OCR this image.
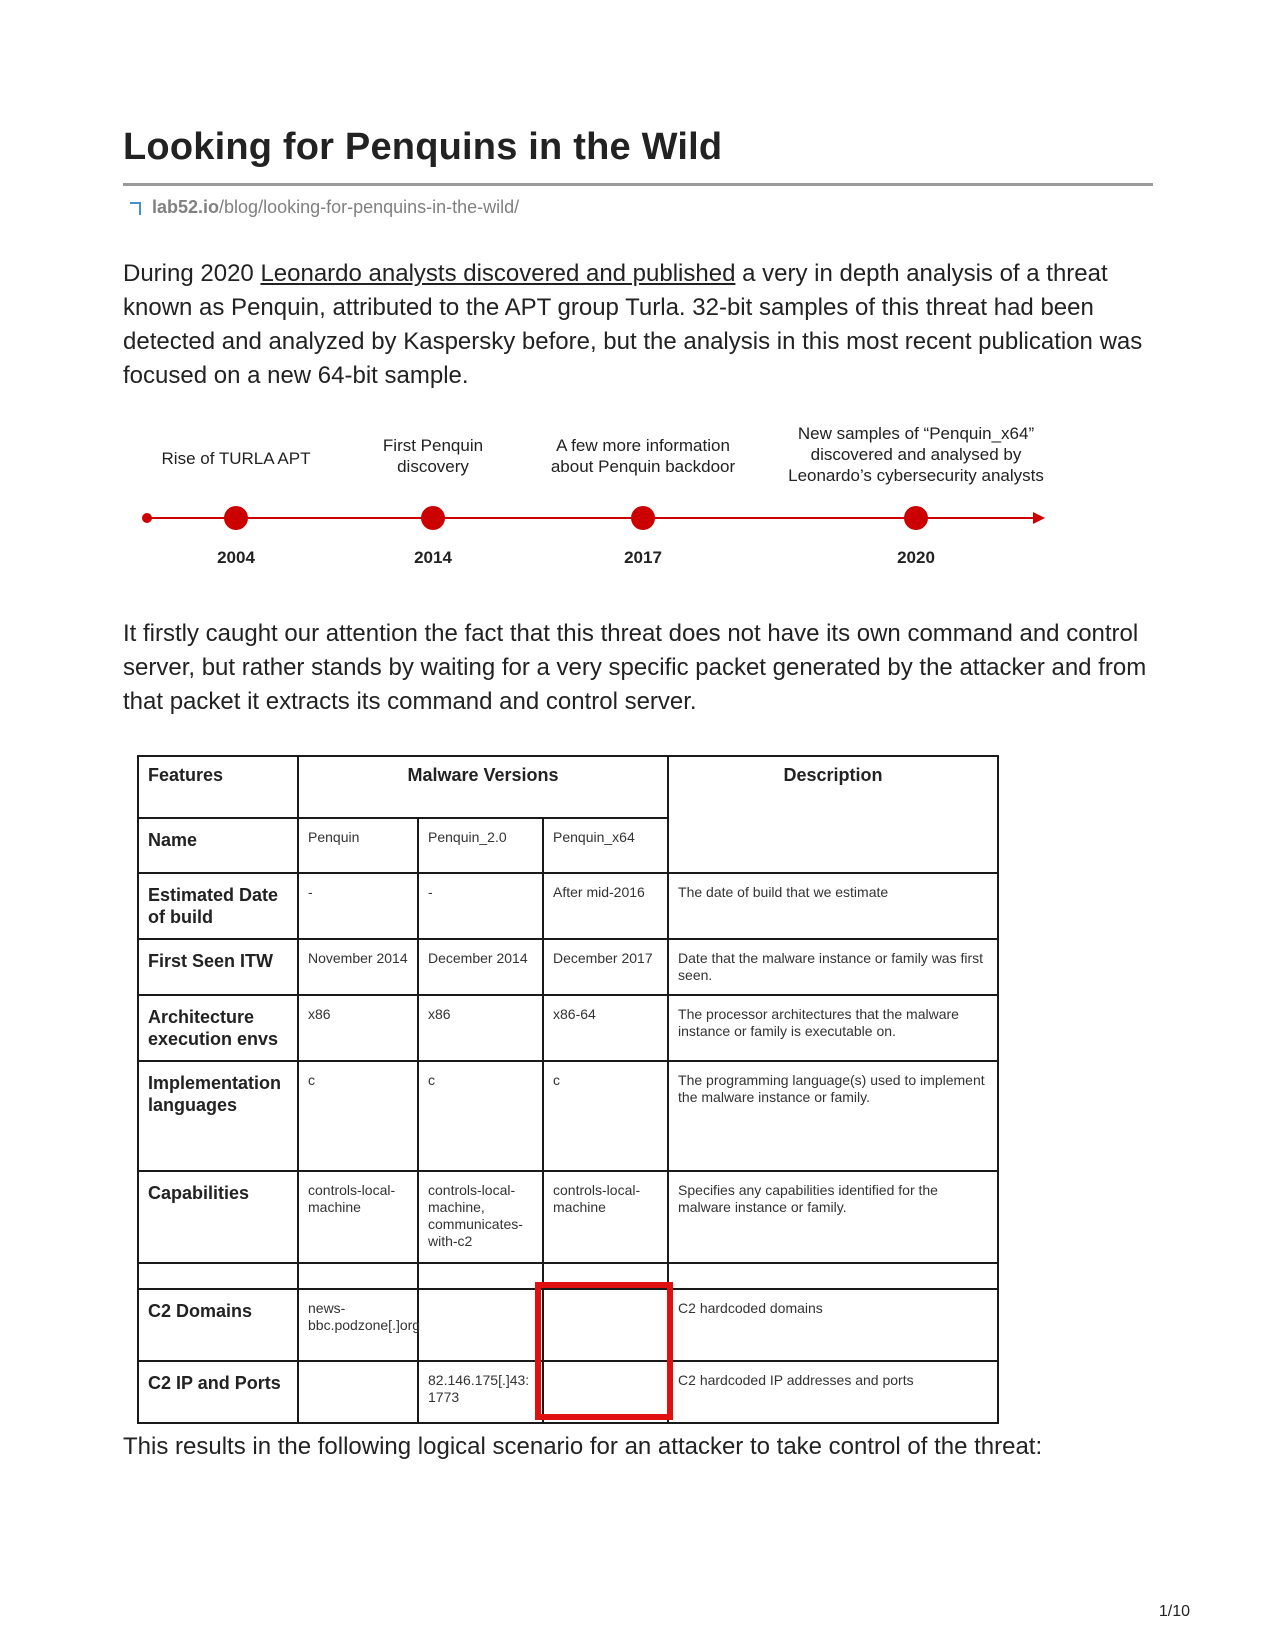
Looking for Penquins in the Wild
lab52.io/blog/looking-for-penquins-in-the-wild/

During 2020 Leonardo analysts discovered and published a very in depth analysis of a threat known as Penquin, attributed to the APT group Turla. 32-bit samples of this threat had been detected and analyzed by Kaspersky before, but the analysis in this most recent publication was focused on a new 64-bit sample.

Rise of TURLA APT
First Penquin discovery
A few more information about Penquin backdoor
New samples of “Penquin_x64” discovered and analysed by Leonardo’s cybersecurity analysts
2004	2014	2017	2020

It firstly caught our attention the fact that this threat does not have its own command and control server, but rather stands by waiting for a very specific packet generated by the attacker and from that packet it extracts its command and control server.

Features	Malware Versions			Description
Name	Penquin	Penquin_2.0	Penquin_x64	
Estimated Date of build	-	-	After mid-2016	The date of build that we estimate
First Seen ITW	November 2014	December 2014	December 2017	Date that the malware instance or family was first seen.
Architecture execution envs	x86	x86	x86-64	The processor architectures that the malware instance or family is executable on.
Implementation languages	c	c	c	The programming language(s) used to implement the malware instance or family.
Capabilities	controls-local-machine	controls-local-machine, communicates-with-c2	controls-local-machine	Specifies any capabilities identified for the malware instance or family.

C2 Domains	news-bbc.podzone[.]org			C2 hardcoded domains
C2 IP and Ports		82.146.175[.]43:1773		C2 hardcoded IP addresses and ports

This results in the following logical scenario for an attacker to take control of the threat:

1/10
